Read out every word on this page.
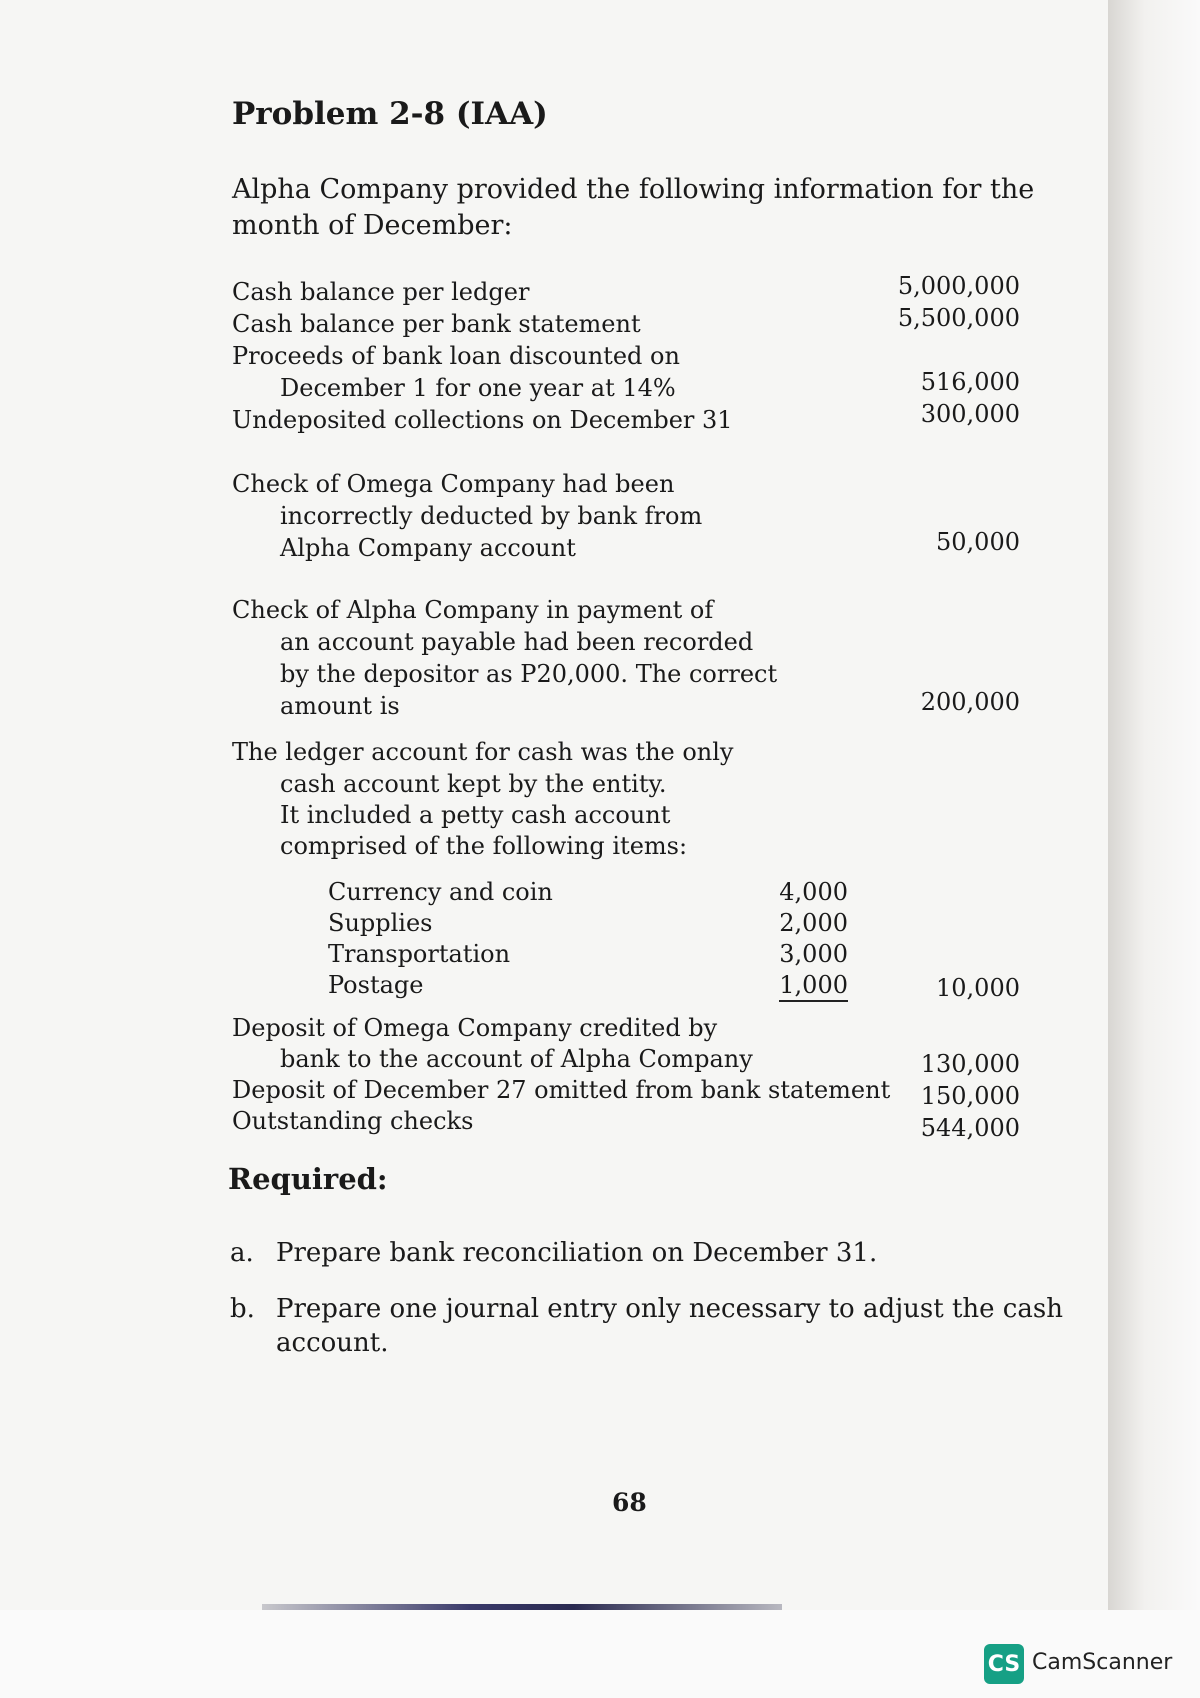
Problem 2-8 (IAA)
Alpha Company provided the following information for the
month of December:
Cash balance per ledger	5,000,000
Cash balance per bank statement	5,500,000
Proceeds of bank loan discounted on
December 1 for one year at 14%	516,000
Undeposited collections on December 31	300,000
Check of Omega Company had been
incorrectly deducted by bank from
Alpha Company account	50,000
Check of Alpha Company in payment of
an account payable had been recorded
by the depositor as P20,000. The correct
amount is	200,000
The ledger account for cash was the only
cash account kept by the entity.
It included a petty cash account
comprised of the following items:
Currency and coin	4,000
Supplies	2,000
Transportation	3,000
Postage	1,000	10,000
Deposit of Omega Company credited by
bank to the account of Alpha Company	130,000
Deposit of December 27 omitted from bank statement 150,000
Outstanding checks	544,000
Required:
a. Prepare bank reconciliation on December 31.
b. Prepare one journal entry only necessary to adjust the cash
account.
68
CS CamScanner
